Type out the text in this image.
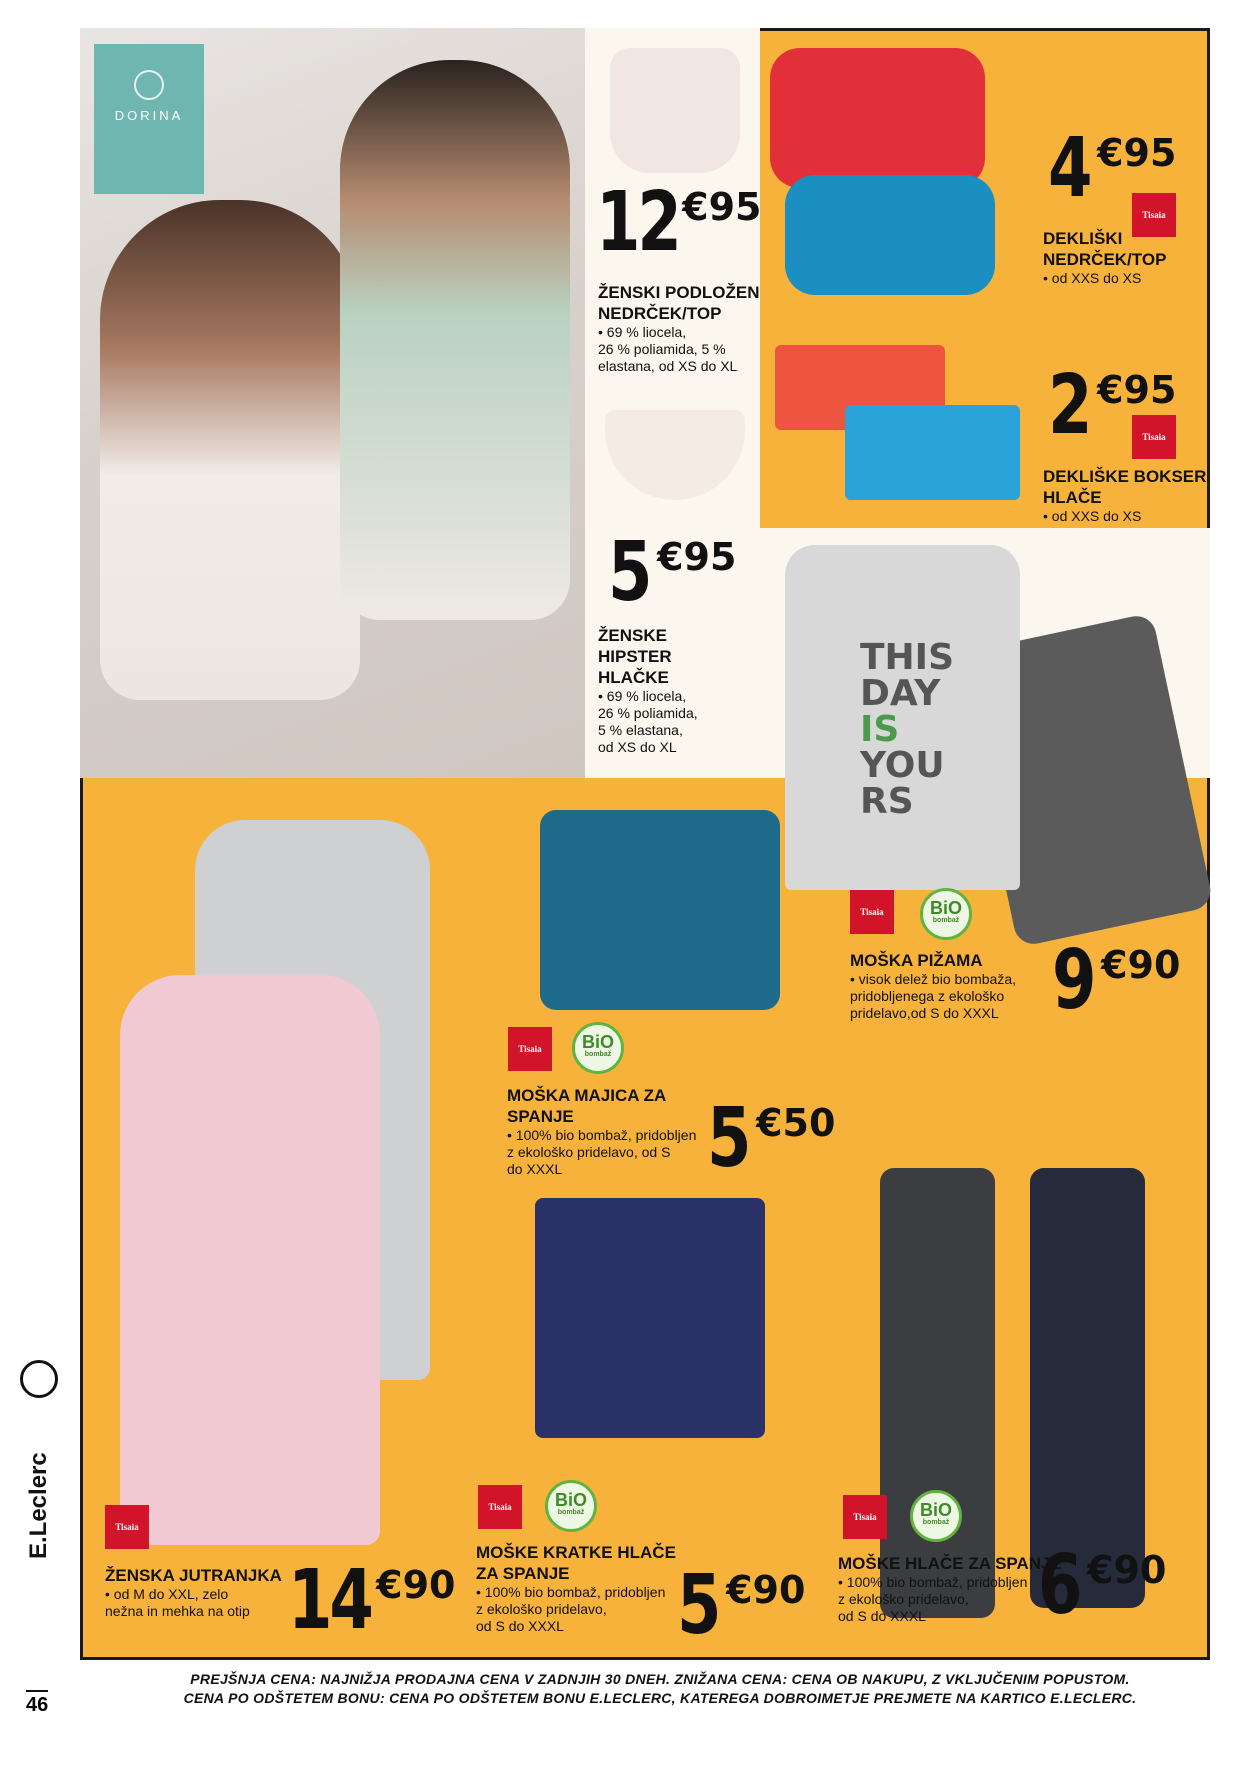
DORINA
THIS
DAY
IS
YOU
RS
12€95
ŽENSKI PODLOŽEN
NEDRČEK/TOP
• 69 % liocela,
26 % poliamida, 5 %
elastana, od XS do XL
5 €95
ŽENSKE
HIPSTER
HLAČKE
• 69 % liocela,
26 % poliamida,
5 % elastana,
od XS do XL
4 €95
Tisaia
DEKLIŠKI
NEDRČEK/TOP
• od XXS do XS
2 €95
Tisaia
DEKLIŠKE BOKSER
HLAČE
• od XXS do XS
Tisaia	BiO
bombaž
MOŠKA PIŽAMA
• visok delež bio bombaža,
pridobljenega z ekološko
pridelavo,od S do XXXL 9 €90
Tisaia	BiO
bombaž
MOŠKA MAJICA ZA
SPANJE
• 100% bio bombaž, pridobljen
z ekološko pridelavo, od S
do XXXL	5 €50
Tisaia
ŽENSKA JUTRANJKA
• od M do XXL, zelo
nežna in mehka na otip 14 €90
Tisaia	BiO
bombaž
MOŠKE KRATKE HLAČE
ZA SPANJE
• 100% bio bombaž, pridobljen
z ekološko pridelavo,
od S do XXXL	5 €90
Tisaia	BiO
bombaž
MOŠKE HLAČE ZA SPANJE
• 100% bio bombaž, pridobljen
z ekološko pridelavo,
od S do XXXL	6 €90
E.Leclerc
46
PREJŠNJA CENA: NAJNIŽJA PRODAJNA CENA V ZADNJIH 30 DNEH. ZNIŽANA CENA: CENA OB NAKUPU, Z VKLJUČENIM POPUSTOM.
CENA PO ODŠTETEM BONU: CENA PO ODŠTETEM BONU E.LECLERC, KATEREGA DOBROIMETJE PREJMETE NA KARTICO E.LECLERC.
